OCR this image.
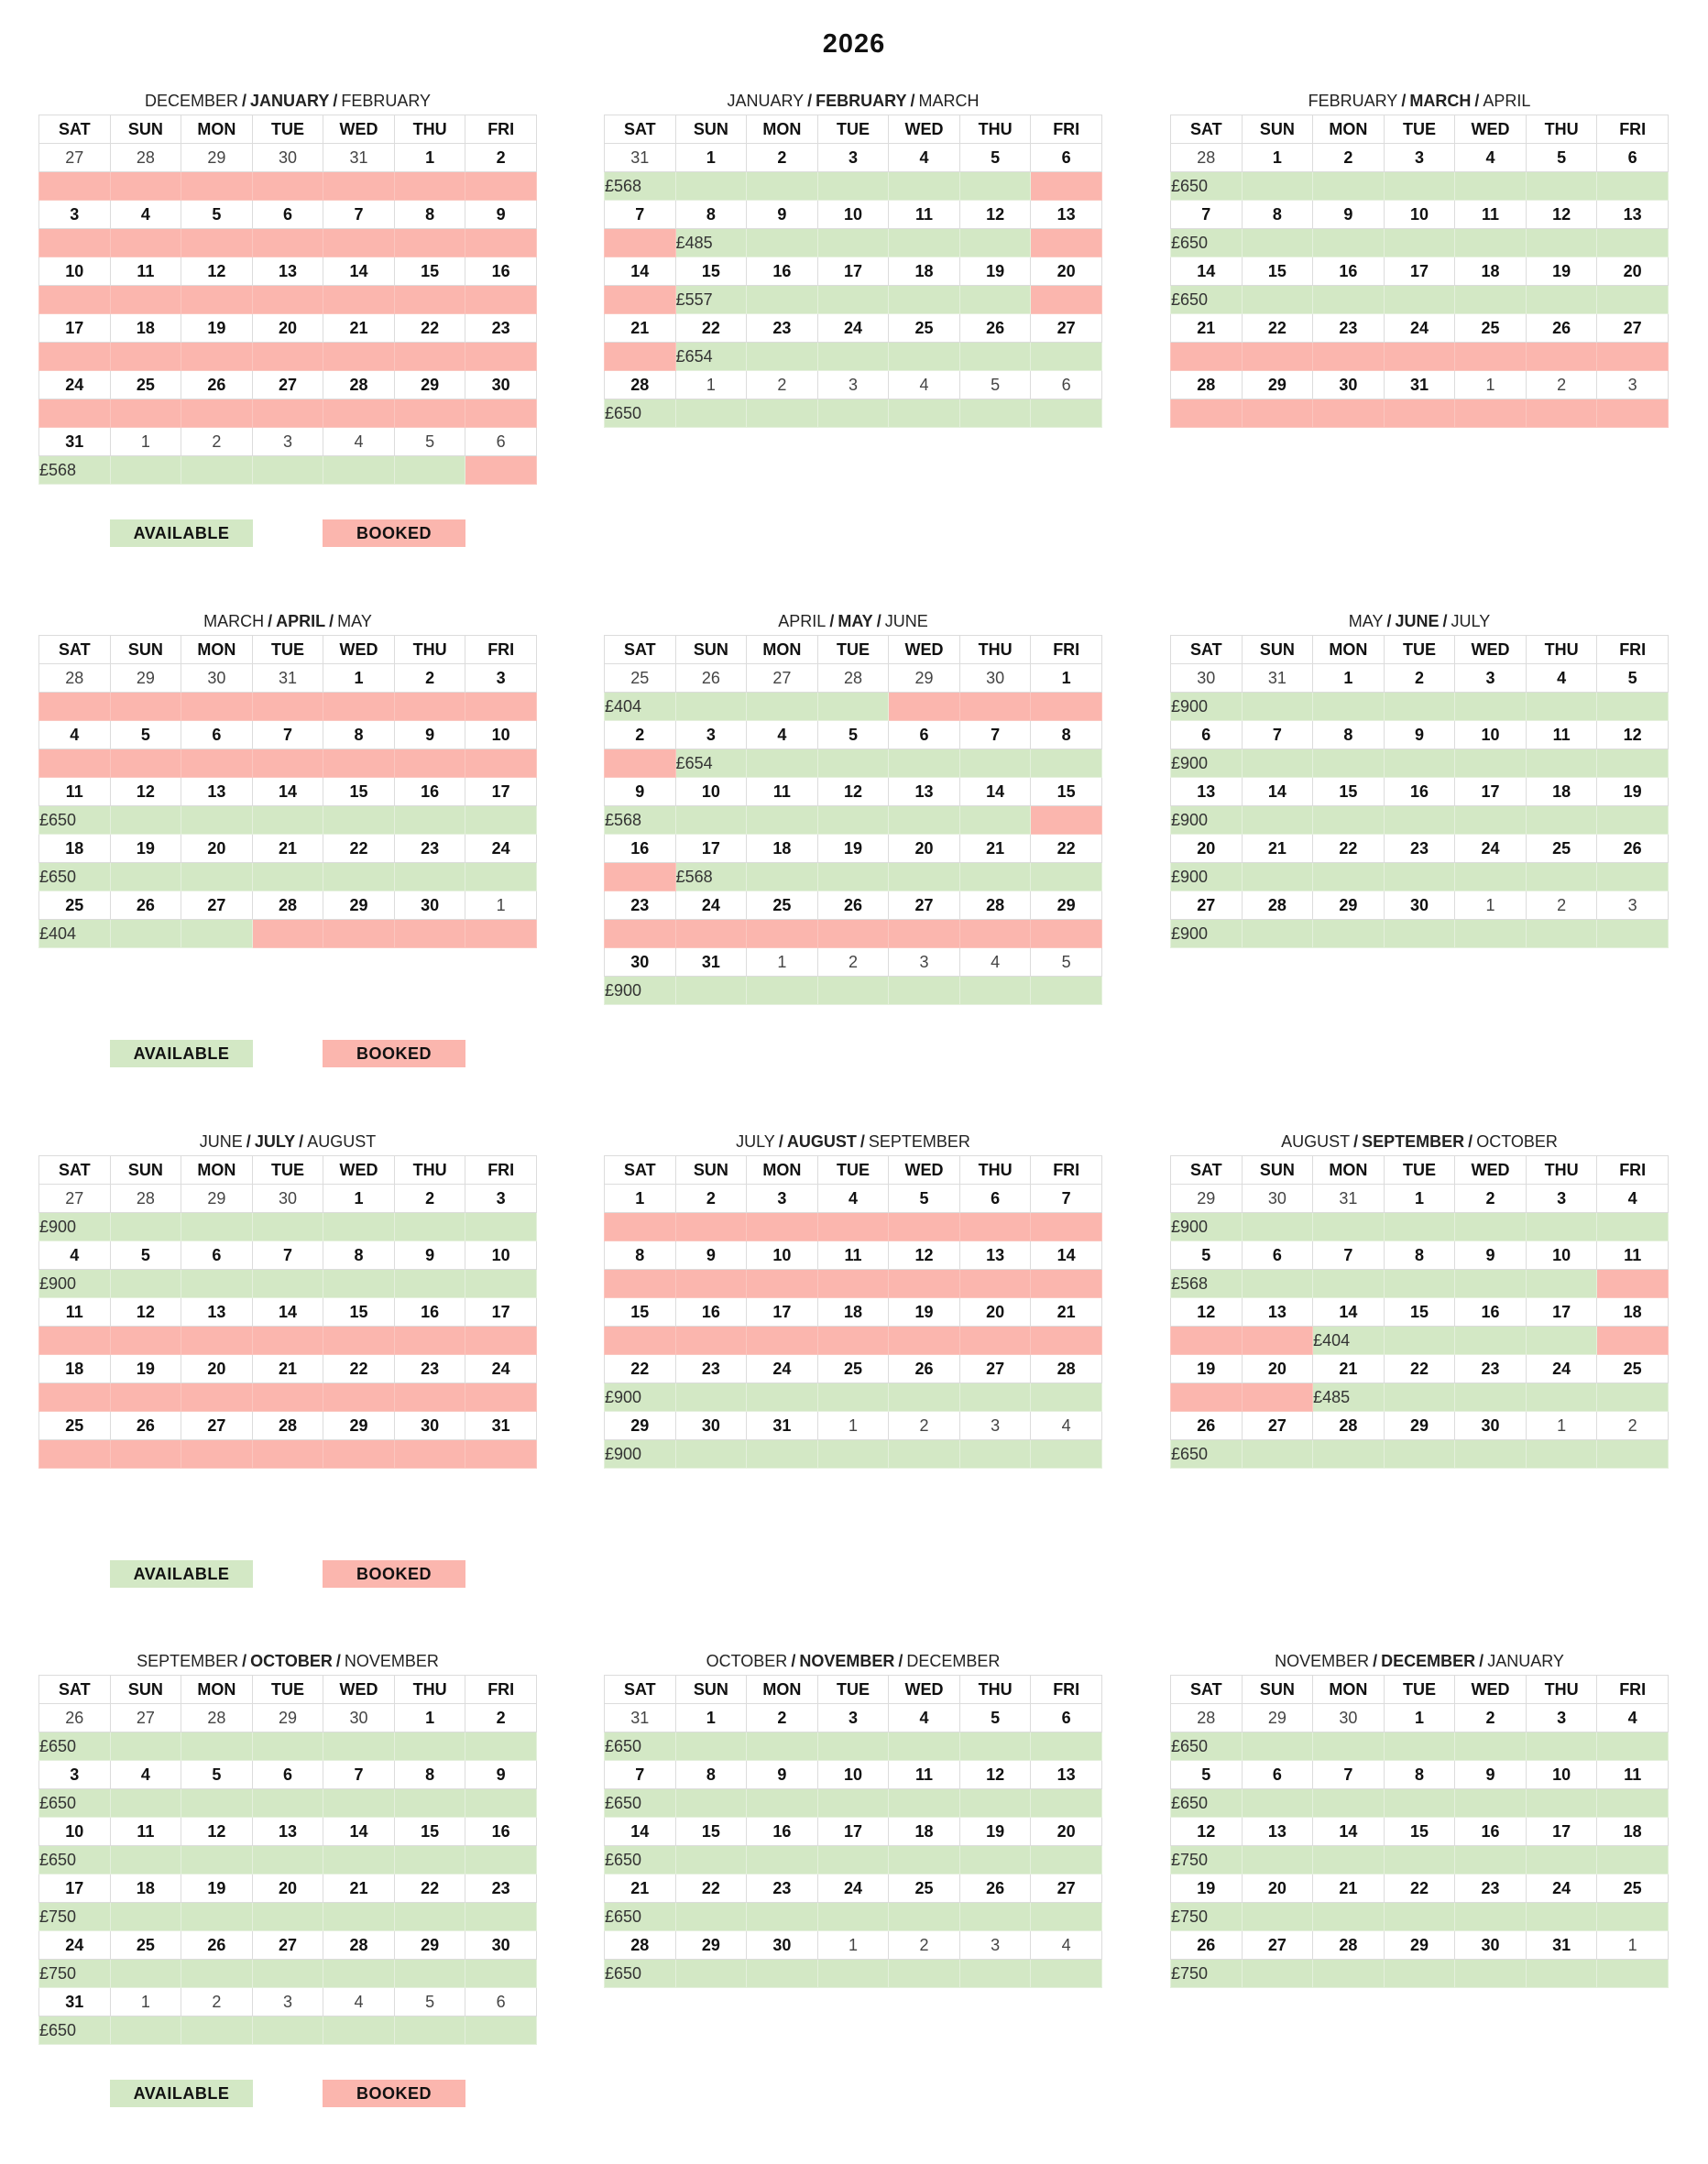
2026
DECEMBER / JANUARY / FEBRUARY
SAT	SUN	MON	TUE	WED	THU	FRI
27	28	29	30	31	1	2

3	4	5	6	7	8	9

10	11	12	13	14	15	16

17	18	19	20	21	22	23

24	25	26	27	28	29	30

31	1	2	3	4	5	6
£568						
JANUARY / FEBRUARY / MARCH
SAT	SUN	MON	TUE	WED	THU	FRI
31	1	2	3	4	5	6
£568						
7	8	9	10	11	12	13
	£485					
14	15	16	17	18	19	20
	£557					
21	22	23	24	25	26	27
	£654					
28	1	2	3	4	5	6
£650						
FEBRUARY / MARCH / APRIL
SAT	SUN	MON	TUE	WED	THU	FRI
28	1	2	3	4	5	6
£650						
7	8	9	10	11	12	13
£650						
14	15	16	17	18	19	20
£650						
21	22	23	24	25	26	27

28	29	30	31	1	2	3

MARCH / APRIL / MAY
SAT	SUN	MON	TUE	WED	THU	FRI
28	29	30	31	1	2	3

4	5	6	7	8	9	10

11	12	13	14	15	16	17
£650						
18	19	20	21	22	23	24
£650						
25	26	27	28	29	30	1
£404						
APRIL / MAY / JUNE
SAT	SUN	MON	TUE	WED	THU	FRI
25	26	27	28	29	30	1
£404						
2	3	4	5	6	7	8
	£654					
9	10	11	12	13	14	15
£568						
16	17	18	19	20	21	22
	£568					
23	24	25	26	27	28	29

30	31	1	2	3	4	5
£900						
MAY / JUNE / JULY
SAT	SUN	MON	TUE	WED	THU	FRI
30	31	1	2	3	4	5
£900						
6	7	8	9	10	11	12
£900						
13	14	15	16	17	18	19
£900						
20	21	22	23	24	25	26
£900						
27	28	29	30	1	2	3
£900						
JUNE / JULY / AUGUST
SAT	SUN	MON	TUE	WED	THU	FRI
27	28	29	30	1	2	3
£900						
4	5	6	7	8	9	10
£900						
11	12	13	14	15	16	17

18	19	20	21	22	23	24

25	26	27	28	29	30	31

JULY / AUGUST / SEPTEMBER
SAT	SUN	MON	TUE	WED	THU	FRI
1	2	3	4	5	6	7

8	9	10	11	12	13	14

15	16	17	18	19	20	21

22	23	24	25	26	27	28
£900						
29	30	31	1	2	3	4
£900						
AUGUST / SEPTEMBER / OCTOBER
SAT	SUN	MON	TUE	WED	THU	FRI
29	30	31	1	2	3	4
£900						
5	6	7	8	9	10	11
£568						
12	13	14	15	16	17	18
		£404				
19	20	21	22	23	24	25
		£485				
26	27	28	29	30	1	2
£650						
SEPTEMBER / OCTOBER / NOVEMBER
SAT	SUN	MON	TUE	WED	THU	FRI
26	27	28	29	30	1	2
£650						
3	4	5	6	7	8	9
£650						
10	11	12	13	14	15	16
£650						
17	18	19	20	21	22	23
£750						
24	25	26	27	28	29	30
£750						
31	1	2	3	4	5	6
£650						
OCTOBER / NOVEMBER / DECEMBER
SAT	SUN	MON	TUE	WED	THU	FRI
31	1	2	3	4	5	6
£650						
7	8	9	10	11	12	13
£650						
14	15	16	17	18	19	20
£650						
21	22	23	24	25	26	27
£650						
28	29	30	1	2	3	4
£650						
NOVEMBER / DECEMBER / JANUARY
SAT	SUN	MON	TUE	WED	THU	FRI
28	29	30	1	2	3	4
£650						
5	6	7	8	9	10	11
£650						
12	13	14	15	16	17	18
£750						
19	20	21	22	23	24	25
£750						
26	27	28	29	30	31	1
£750						
AVAILABLE	BOOKED
AVAILABLE	BOOKED
AVAILABLE	BOOKED
AVAILABLE	BOOKED
